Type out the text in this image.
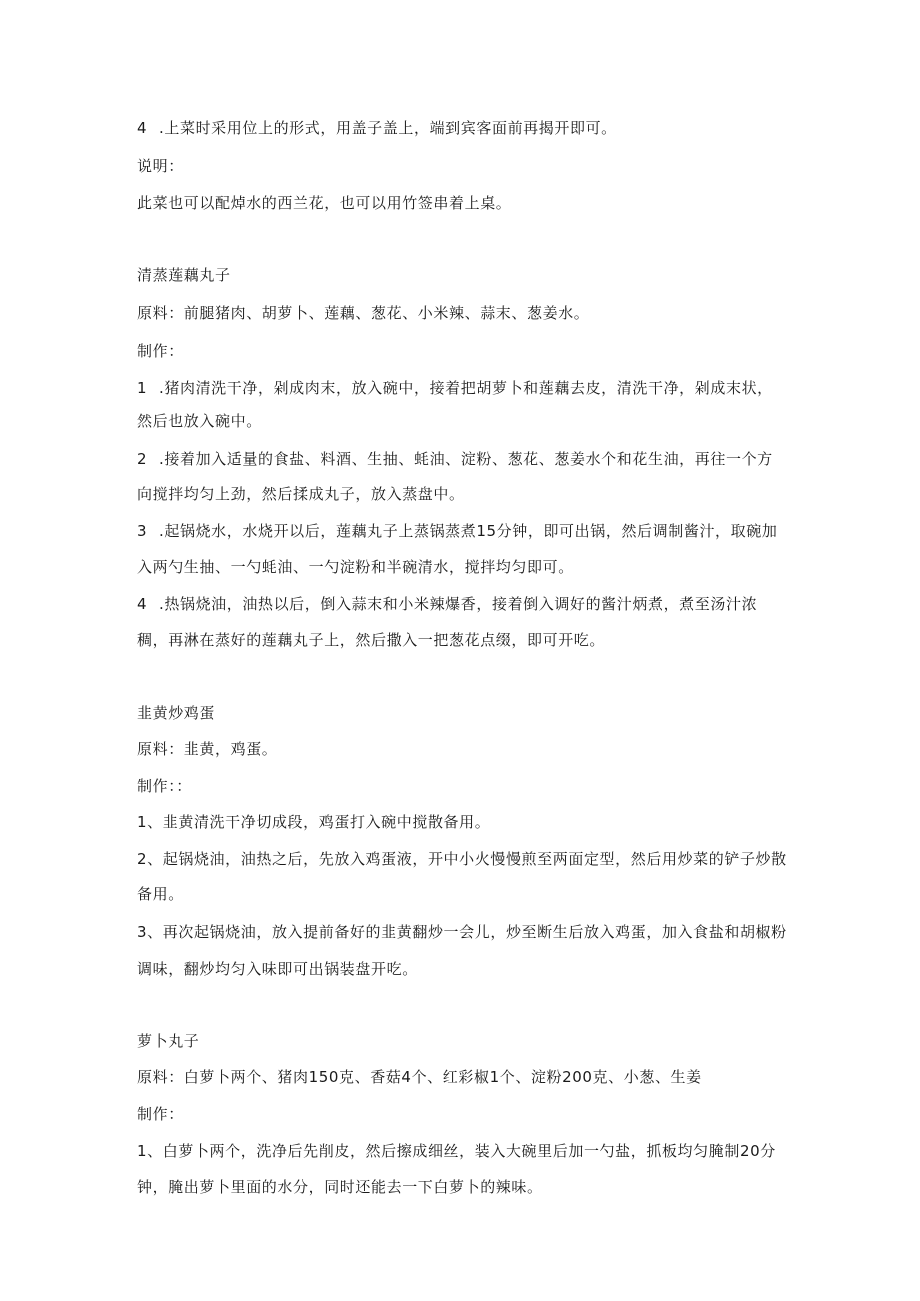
4 .上菜时采用位上的形式，用盖子盖上，端到宾客面前再揭开即可。
说明：
此菜也可以配焯水的西兰花，也可以用竹签串着上桌。
清蒸莲藕丸子
原料：前腿猪肉、胡萝卜、莲藕、葱花、小米辣、蒜末、葱姜水。
制作：
1 .猪肉清洗干净，剁成肉末，放入碗中，接着把胡萝卜和莲藕去皮，清洗干净，剁成末状，
然后也放入碗中。
2 .接着加入适量的食盐、料酒、生抽、蚝油、淀粉、葱花、葱姜水个和花生油，再往一个方
向搅拌均匀上劲，然后揉成丸子，放入蒸盘中。
3 .起锅烧水，水烧开以后，莲藕丸子上蒸锅蒸煮15分钟，即可出锅，然后调制酱汁，取碗加
入两勺生抽、一勺蚝油、一勺淀粉和半碗清水，搅拌均匀即可。
4 .热锅烧油，油热以后，倒入蒜末和小米辣爆香，接着倒入调好的酱汁炳煮，煮至汤汁浓
稠，再淋在蒸好的莲藕丸子上，然后撒入一把葱花点缀，即可开吃。
韭黄炒鸡蛋
原料：韭黄，鸡蛋。
制作：：
1、韭黄清洗干净切成段，鸡蛋打入碗中搅散备用。
2、起锅烧油，油热之后，先放入鸡蛋液，开中小火慢慢煎至两面定型，然后用炒菜的铲子炒散
备用。
3、再次起锅烧油，放入提前备好的韭黄翻炒一会儿，炒至断生后放入鸡蛋，加入食盐和胡椒粉
调味，翻炒均匀入味即可出锅装盘开吃。
萝卜丸子
原料：白萝卜两个、猪肉150克、香菇4个、红彩椒1个、淀粉200克、小葱、生姜
制作：
1、白萝卜两个，洗净后先削皮，然后擦成细丝，装入大碗里后加一勺盐，抓板均匀腌制20分
钟，腌出萝卜里面的水分，同时还能去一下白萝卜的辣味。
